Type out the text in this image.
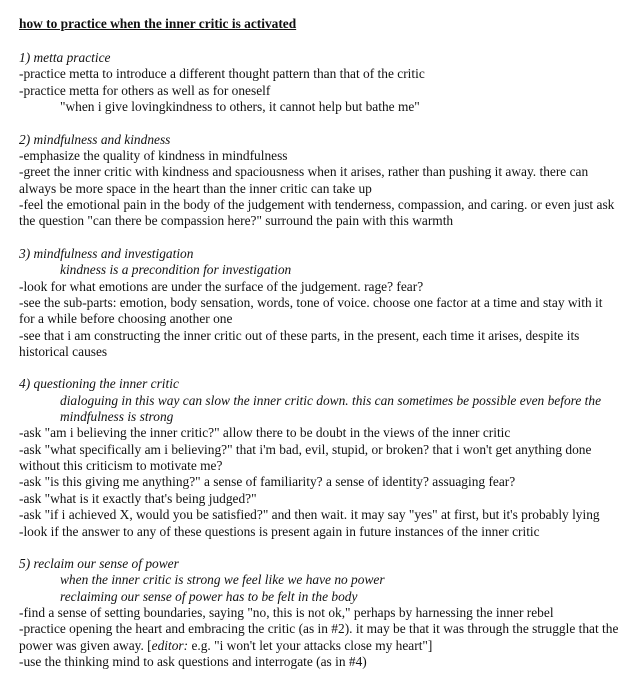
how to practice when the inner critic is activated
1) metta practice
-practice metta to introduce a different thought pattern than that of the critic
-practice metta for others as well as for oneself
"when i give lovingkindness to others, it cannot help but bathe me"
2) mindfulness and kindness
-emphasize the quality of kindness in mindfulness
-greet the inner critic with kindness and spaciousness when it arises, rather than pushing it away. there can always be more space in the heart than the inner critic can take up
-feel the emotional pain in the body of the judgement with tenderness, compassion, and caring. or even just ask the question "can there be compassion here?" surround the pain with this warmth
3) mindfulness and investigation
kindness is a precondition for investigation
-look for what emotions are under the surface of the judgement. rage? fear?
-see the sub-parts: emotion, body sensation, words, tone of voice. choose one factor at a time and stay with it for a while before choosing another one
-see that i am constructing the inner critic out of these parts, in the present, each time it arises, despite its historical causes
4) questioning the inner critic
dialoguing in this way can slow the inner critic down. this can sometimes be possible even before the mindfulness is strong
-ask "am i believing the inner critic?" allow there to be doubt in the views of the inner critic
-ask "what specifically am i believing?" that i'm bad, evil, stupid, or broken? that i won't get anything done without this criticism to motivate me?
-ask "is this giving me anything?" a sense of familiarity? a sense of identity? assuaging fear?
-ask "what is it exactly that's being judged?"
-ask "if i achieved X, would you be satisfied?" and then wait. it may say "yes" at first, but it's probably lying
-look if the answer to any of these questions is present again in future instances of the inner critic
5) reclaim our sense of power
when the inner critic is strong we feel like we have no power
reclaiming our sense of power has to be felt in the body
-find a sense of setting boundaries, saying "no, this is not ok," perhaps by harnessing the inner rebel
-practice opening the heart and embracing the critic (as in #2). it may be that it was through the struggle that the power was given away. [editor: e.g. "i won't let your attacks close my heart"]
-use the thinking mind to ask questions and interrogate (as in #4)
